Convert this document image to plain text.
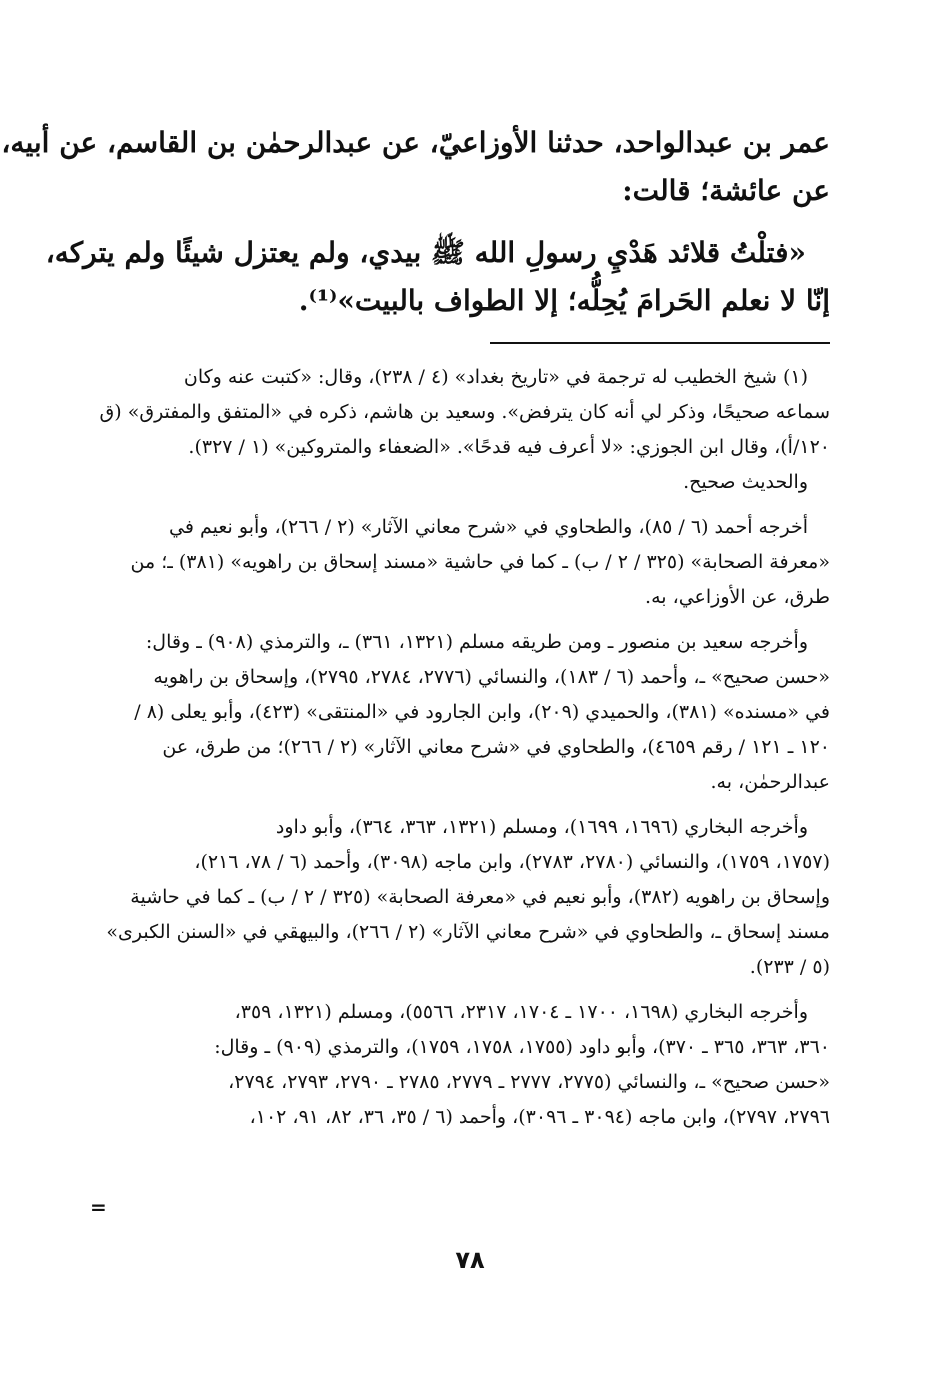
عمر بن عبدالواحد، حدثنا الأوزاعيّ، عن عبدالرحمٰن بن القاسم، عن أبيه،

عن عائشة؛ قالت:

«فتلْتُ قلائد هَدْيِ رسولِ الله ﷺ بيدي، ولم يعتزل شيئًا ولم يتركه،

إنّا لا نعلم الحَرامَ يُحِلُّه؛ إلا الطواف بالبيت»⁽¹⁾.

(١) شيخ الخطيب له ترجمة في «تاريخ بغداد» (٤ / ٢٣٨)، وقال: «كتبت عنه وكان
سماعه صحيحًا، وذكر لي أنه كان يترفض». وسعيد بن هاشم، ذكره في «المتفق والمفترق» (ق
١٢٠/أ)، وقال ابن الجوزي: «لا أعرف فيه قدحًا». «الضعفاء والمتروكين» (١ / ٣٢٧).
والحديث صحيح.
أخرجه أحمد (٦ / ٨٥)، والطحاوي في «شرح معاني الآثار» (٢ / ٢٦٦)، وأبو نعيم في
«معرفة الصحابة» (٣٢٥ / ٢ / ب) ـ كما في حاشية «مسند إسحاق بن راهويه» (٣٨١) ـ؛ من
طرق، عن الأوزاعي، به.
وأخرجه سعيد بن منصور ـ ومن طريقه مسلم (١٣٢١، ٣٦١) ـ، والترمذي (٩٠٨) ـ وقال:
«حسن صحيح» ـ، وأحمد (٦ / ١٨٣)، والنسائي (٢٧٧٦، ٢٧٨٤، ٢٧٩٥)، وإسحاق بن راهويه
في «مسنده» (٣٨١)، والحميدي (٢٠٩)، وابن الجارود في «المنتقى» (٤٢٣)، وأبو يعلى (٨ /
١٢٠ ـ ١٢١ / رقم ٤٦٥٩)، والطحاوي في «شرح معاني الآثار» (٢ / ٢٦٦)؛ من طرق، عن
عبدالرحمٰن، به.
وأخرجه البخاري (١٦٩٦، ١٦٩٩)، ومسلم (١٣٢١، ٣٦٣، ٣٦٤)، وأبو داود
(١٧٥٧، ١٧٥٩)، والنسائي (٢٧٨٠، ٢٧٨٣)، وابن ماجه (٣٠٩٨)، وأحمد (٦ / ٧٨، ٢١٦)،
وإسحاق بن راهويه (٣٨٢)، وأبو نعيم في «معرفة الصحابة» (٣٢٥ / ٢ / ب) ـ كما في حاشية
مسند إسحاق ـ، والطحاوي في «شرح معاني الآثار» (٢ / ٢٦٦)، والبيهقي في «السنن الكبرى»
(٥ / ٢٣٣).
وأخرجه البخاري (١٦٩٨، ١٧٠٠ ـ ١٧٠٤، ٢٣١٧، ٥٥٦٦)، ومسلم (١٣٢١، ٣٥٩،
٣٦٠، ٣٦٣، ٣٦٥ ـ ٣٧٠)، وأبو داود (١٧٥٥، ١٧٥٨، ١٧٥٩)، والترمذي (٩٠٩) ـ وقال:
«حسن صحيح» ـ، والنسائي (٢٧٧٥، ٢٧٧٧ ـ ٢٧٧٩، ٢٧٨٥ ـ ٢٧٩٠، ٢٧٩٣، ٢٧٩٤،
٢٧٩٦، ٢٧٩٧)، وابن ماجه (٣٠٩٤ ـ ٣٠٩٦)، وأحمد (٦ / ٣٥، ٣٦، ٨٢، ٩١، ١٠٢،
=
٧٨
